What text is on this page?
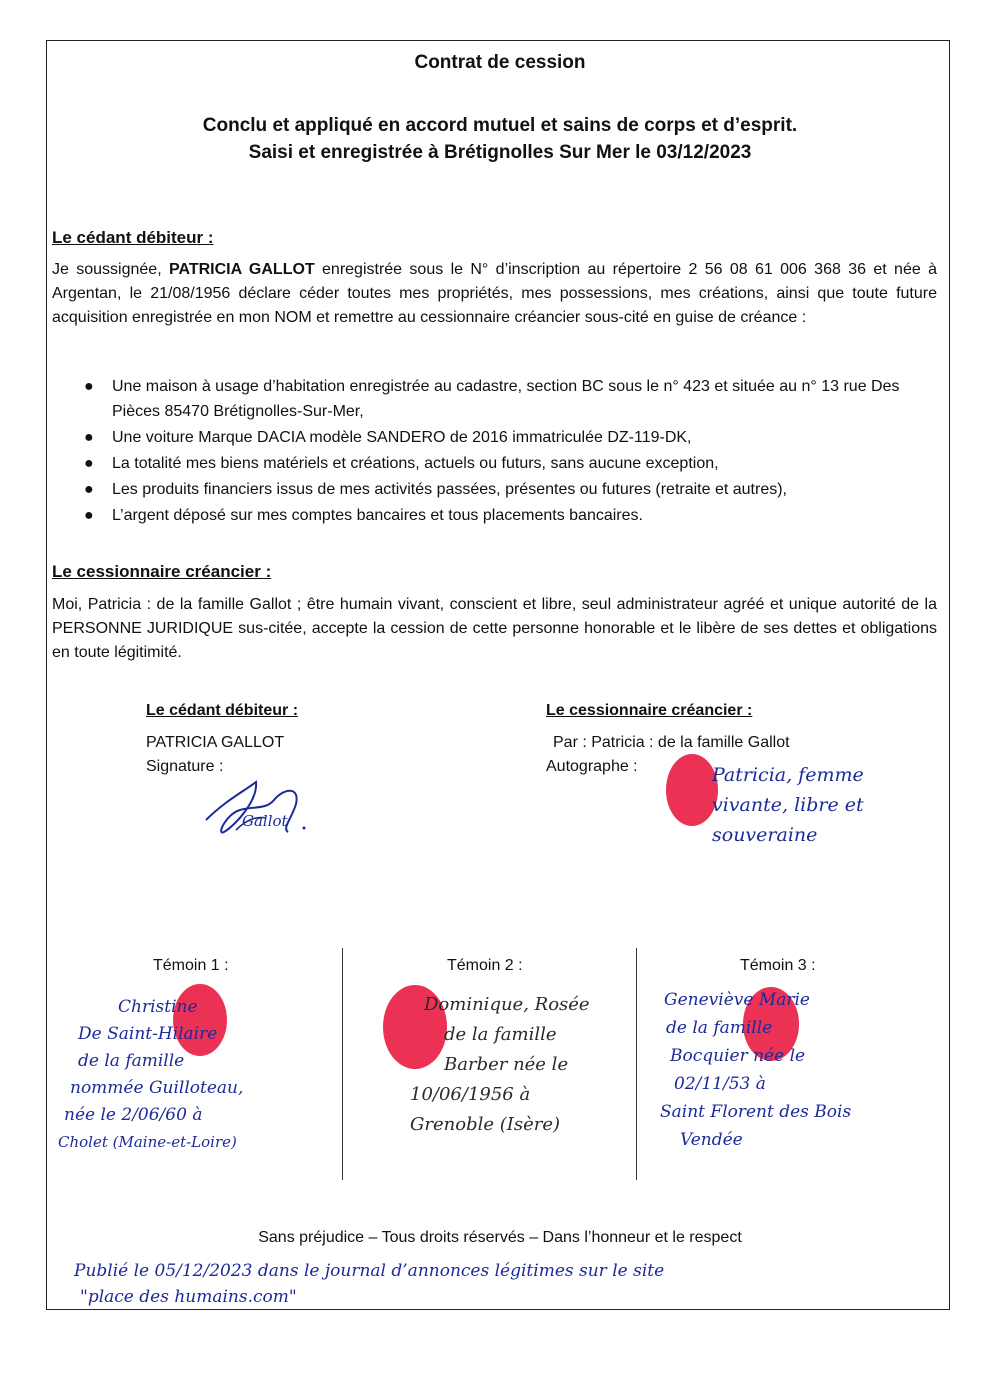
Contrat de cession
Conclu et appliqué en accord mutuel et sains de corps et d’esprit.
Saisi et enregistrée à Brétignolles Sur Mer le 03/12/2023
Le cédant débiteur :
Je soussignée, PATRICIA GALLOT enregistrée sous le N° d’inscription au répertoire 2 56 08 61 006 368 36 et née à Argentan, le 21/08/1956 déclare céder toutes mes propriétés, mes possessions, mes créations, ainsi que toute future acquisition enregistrée en mon NOM et remettre au cessionnaire créancier sous-cité en guise de créance :
● Une maison à usage d’habitation enregistrée au cadastre, section BC sous le n° 423 et située au n° 13 rue Des Pièces 85470 Brétignolles-Sur-Mer,
● Une voiture Marque DACIA modèle SANDERO de 2016 immatriculée DZ-119-DK,
● La totalité mes biens matériels et créations, actuels ou futurs, sans aucune exception,
● Les produits financiers issus de mes activités passées, présentes ou futures (retraite et autres),
● L’argent déposé sur mes comptes bancaires et tous placements bancaires.
Le cessionnaire créancier :
Moi, Patricia : de la famille Gallot ; être humain vivant, conscient et libre, seul administrateur agréé et unique autorité de la PERSONNE JURIDIQUE sus-citée, accepte la cession de cette personne honorable et le libère de ses dettes et obligations en toute légitimité.
Le cédant débiteur :
PATRICIA GALLOT
Signature :
Gallot
Le cessionnaire créancier :
Par : Patricia : de la famille Gallot
Autographe :	Patricia, femme
vivante, libre et
souveraine
Témoin 1 :
Christine
De Saint-Hilaire
de la famille
nommée Guilloteau,
née le 2/06/60 à
Cholet (Maine-et-Loire)
Témoin 2 :
Dominique, Rosée
de la famille
Barber née le
10/06/1956 à
Grenoble (Isère)
Témoin 3 :
Geneviève Marie
de la famille
Bocquier née le
02/11/53 à
Saint Florent des Bois
Vendée
Sans préjudice – Tous droits réservés – Dans l’honneur et le respect
Publié le 05/12/2023 dans le journal d’annonces légitimes sur le site
"place des humains.com"
